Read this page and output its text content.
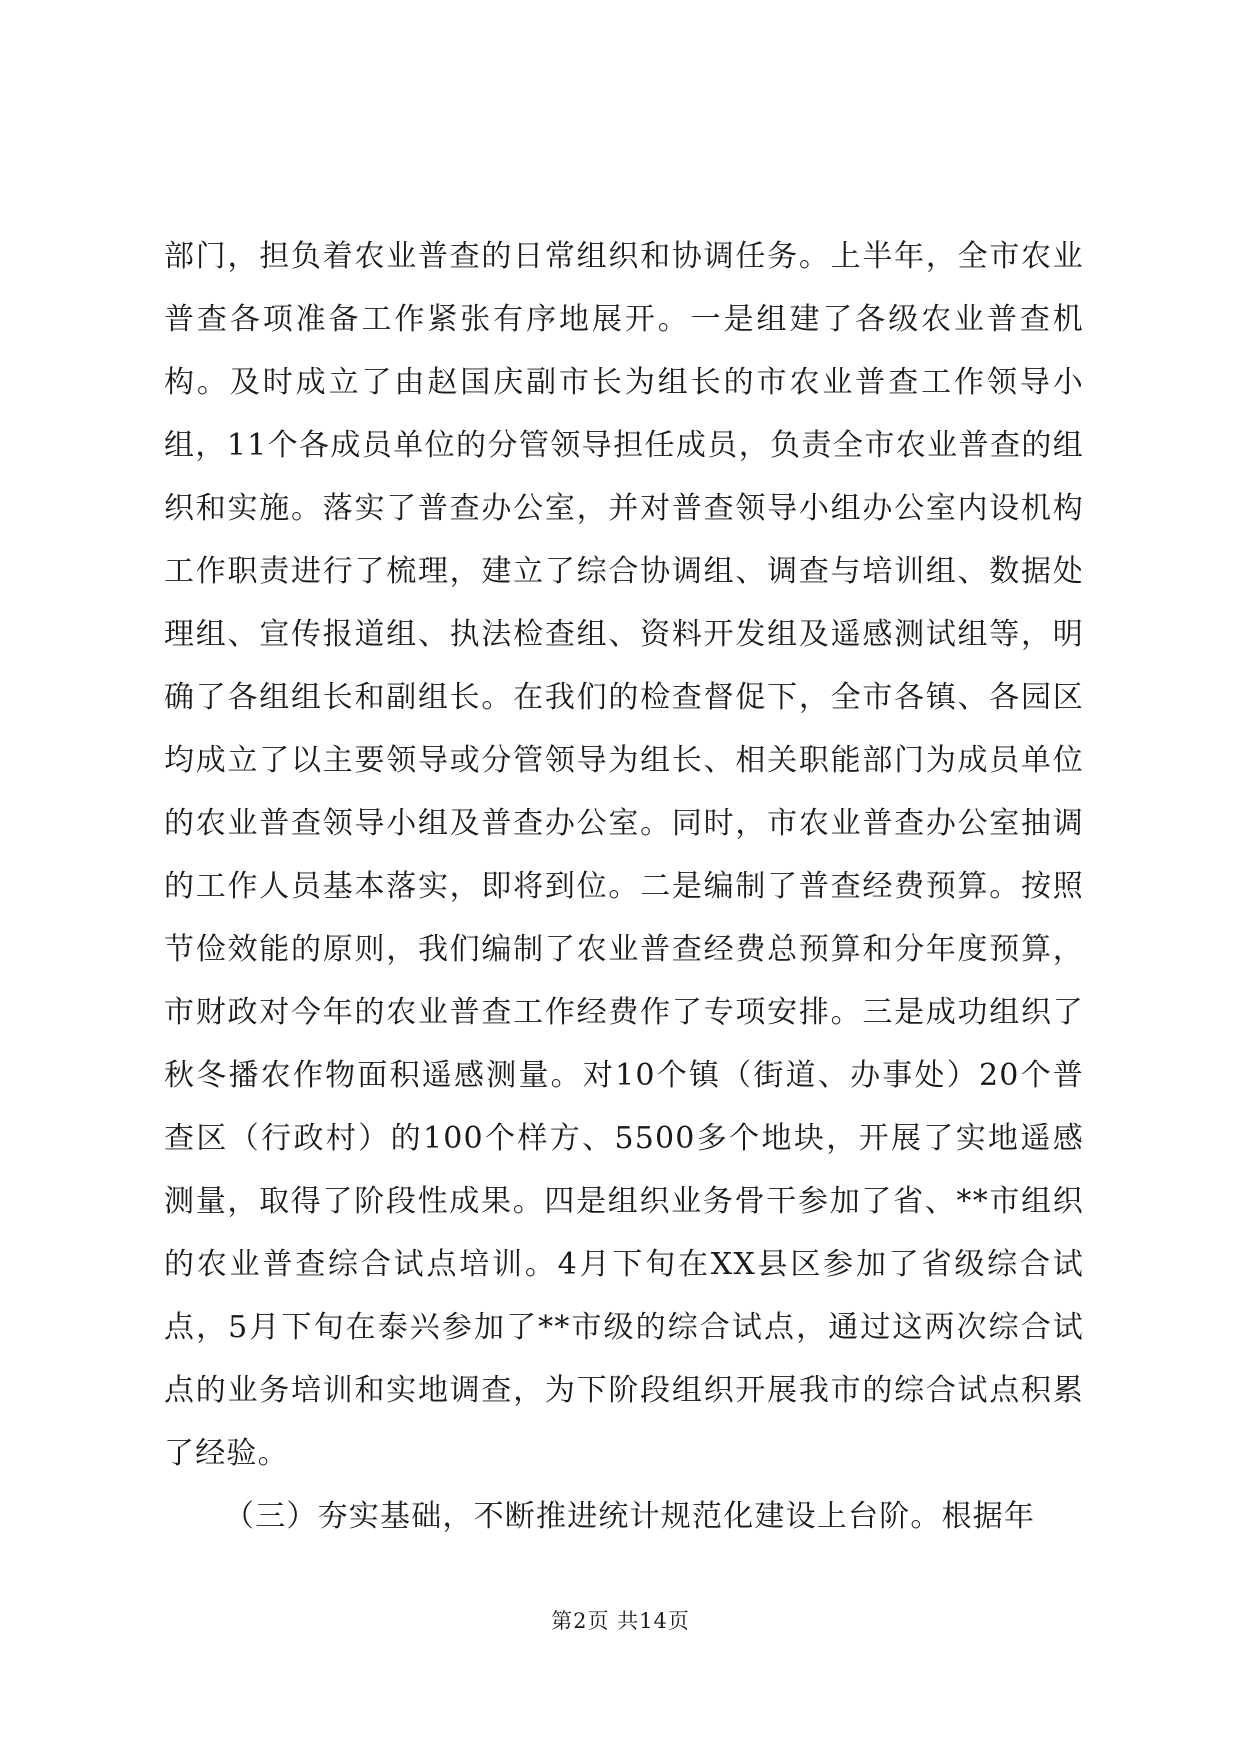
部门，担负着农业普查的日常组织和协调任务。上半年，全市农业普查各项准备工作紧张有序地展开。一是组建了各级农业普查机构。及时成立了由赵国庆副市长为组长的市农业普查工作领导小组，11个各成员单位的分管领导担任成员，负责全市农业普查的组织和实施。落实了普查办公室，并对普查领导小组办公室内设机构工作职责进行了梳理，建立了综合协调组、调查与培训组、数据处理组、宣传报道组、执法检查组、资料开发组及遥感测试组等，明确了各组组长和副组长。在我们的检查督促下，全市各镇、各园区均成立了以主要领导或分管领导为组长、相关职能部门为成员单位的农业普查领导小组及普查办公室。同时，市农业普查办公室抽调的工作人员基本落实，即将到位。二是编制了普查经费预算。按照节俭效能的原则，我们编制了农业普查经费总预算和分年度预算，市财政对今年的农业普查工作经费作了专项安排。三是成功组织了秋冬播农作物面积遥感测量。对10个镇（街道、办事处）20个普查区（行政村）的100个样方、5500多个地块，开展了实地遥感测量，取得了阶段性成果。四是组织业务骨干参加了省、**市组织的农业普查综合试点培训。4月下旬在XX县区参加了省级综合试点，5月下旬在泰兴参加了**市级的综合试点，通过这两次综合试点的业务培训和实地调查，为下阶段组织开展我市的综合试点积累了经验。

（三）夯实基础，不断推进统计规范化建设上台阶。根据年

第2页 共14页
